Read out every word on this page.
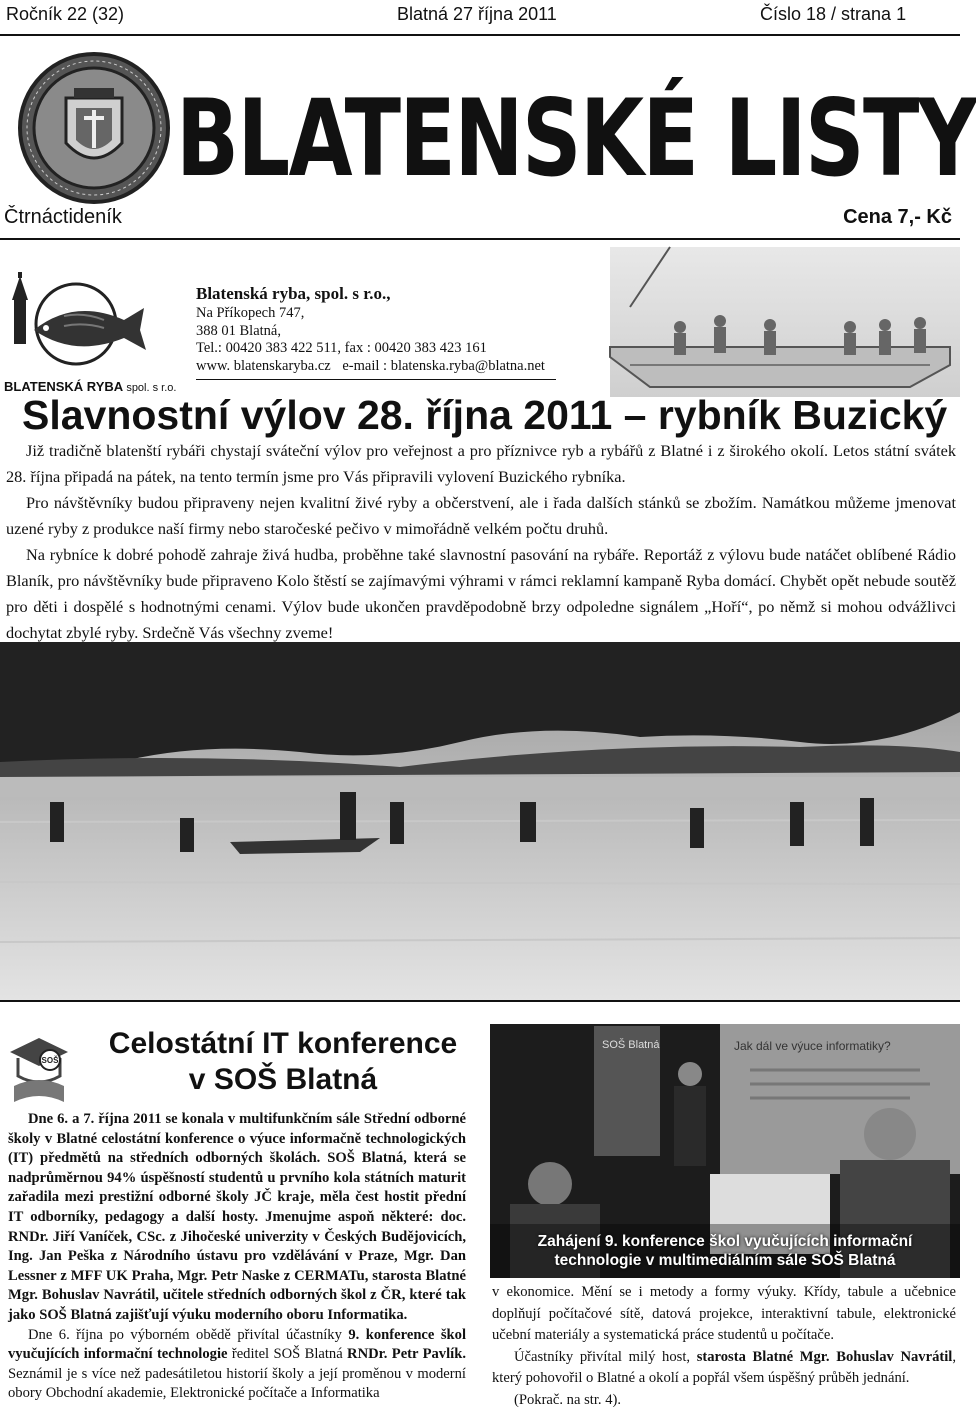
Ročník 22 (32)	Blatná 27 října 2011	Číslo 18 / strana 1
BLATENSKÉ LISTY
Čtrnáctideník	Cena 7,- Kč
BLATENSKÁ RYBA spol. s r.o.
Blatenská ryba, spol. s r.o.,
Na Příkopech 747,
388 01 Blatná,
Tel.: 00420 383 422 511, fax : 00420 383 423 161
www. blatenskaryba.cz e-mail : blatenska.ryba@blatna.net
Slavnostní výlov 28. října 2011 – rybník Buzický

Již tradičně blatenští rybáři chystají sváteční výlov pro veřejnost a pro příznivce ryb a rybářů z Blatné i z širokého okolí. Letos státní svátek 28. října připadá na pátek, na tento termín jsme pro Vás připravili vylovení Buzického rybníka.

Pro návštěvníky budou připraveny nejen kvalitní živé ryby a občerstvení, ale i řada dalších stánků se zbožím. Namátkou můžeme jmenovat uzené ryby z produkce naší firmy nebo staročeské pečivo v mimořádně velkém počtu druhů.

Na rybníce k dobré pohodě zahraje živá hudba, proběhne také slavnostní pasování na rybáře. Reportáž z výlovu bude natáčet oblíbené Rádio Blaník, pro návštěvníky bude připraveno Kolo štěstí se zajímavými výhrami v rámci reklamní kampaně Ryba domácí. Chybět opět nebude soutěž pro děti i dospělé s hodnotnými cenami. Výlov bude ukončen pravděpodobně brzy odpoledne signálem „Hoří“, po němž si mohou odvážlivci dochytat zbylé ryby. Srdečně Vás všechny zveme!

SOŠ
Celostátní IT konference
v SOŠ Blatná

Dne 6. a 7. října 2011 se konala v multifunkčním sále Střední odborné školy v Blatné celostátní konference o výuce informačně technologických (IT) předmětů na středních odborných školách. SOŠ Blatná, která se nadprůměrnou 94% úspěšností studentů u prvního kola státních maturit zařadila mezi prestižní odborné školy JČ kraje, měla čest hostit přední IT odborníky, pedagogy a další hosty. Jmenujme aspoň některé: doc. RNDr. Jiří Vaníček, CSc. z Jihočeské univerzity v Českých Budějovicích, Ing. Jan Peška z Národního ústavu pro vzdělávání v Praze, Mgr. Dan Lessner z MFF UK Praha, Mgr. Petr Naske z CERMATu, starosta Blatné Mgr. Bohuslav Navrátil, učitele středních odborných škol z ČR, které tak jako SOŠ Blatná zajišťují výuku moderního oboru Informatika.

Dne 6. října po výborném obědě přivítal účastníky 9. konference škol vyučujících informační technologie ředitel SOŠ Blatná RNDr. Petr Pavlík. Seznámil je s více než padesátiletou historií školy a její proměnou v moderní obory Obchodní akademie, Elektronické počítače a Informatika

SOŠ Blatná	Jak dál ve výuce informatiky?
Zahájení 9. konference škol vyučujících informační
technologie v multimediálním sále SOŠ Blatná

v ekonomice. Mění se i metody a formy výuky. Křídy, tabule a učebnice doplňují počítačové sítě, datová projekce, interaktivní tabule, elektronické učební materiály a systematická práce studentů u počítače.

Účastníky přivítal milý host, starosta Blatné Mgr. Bohuslav Navrátil, který pohovořil o Blatné a okolí a popřál všem úspěšný průběh jednání.

(Pokrač. na str. 4).
